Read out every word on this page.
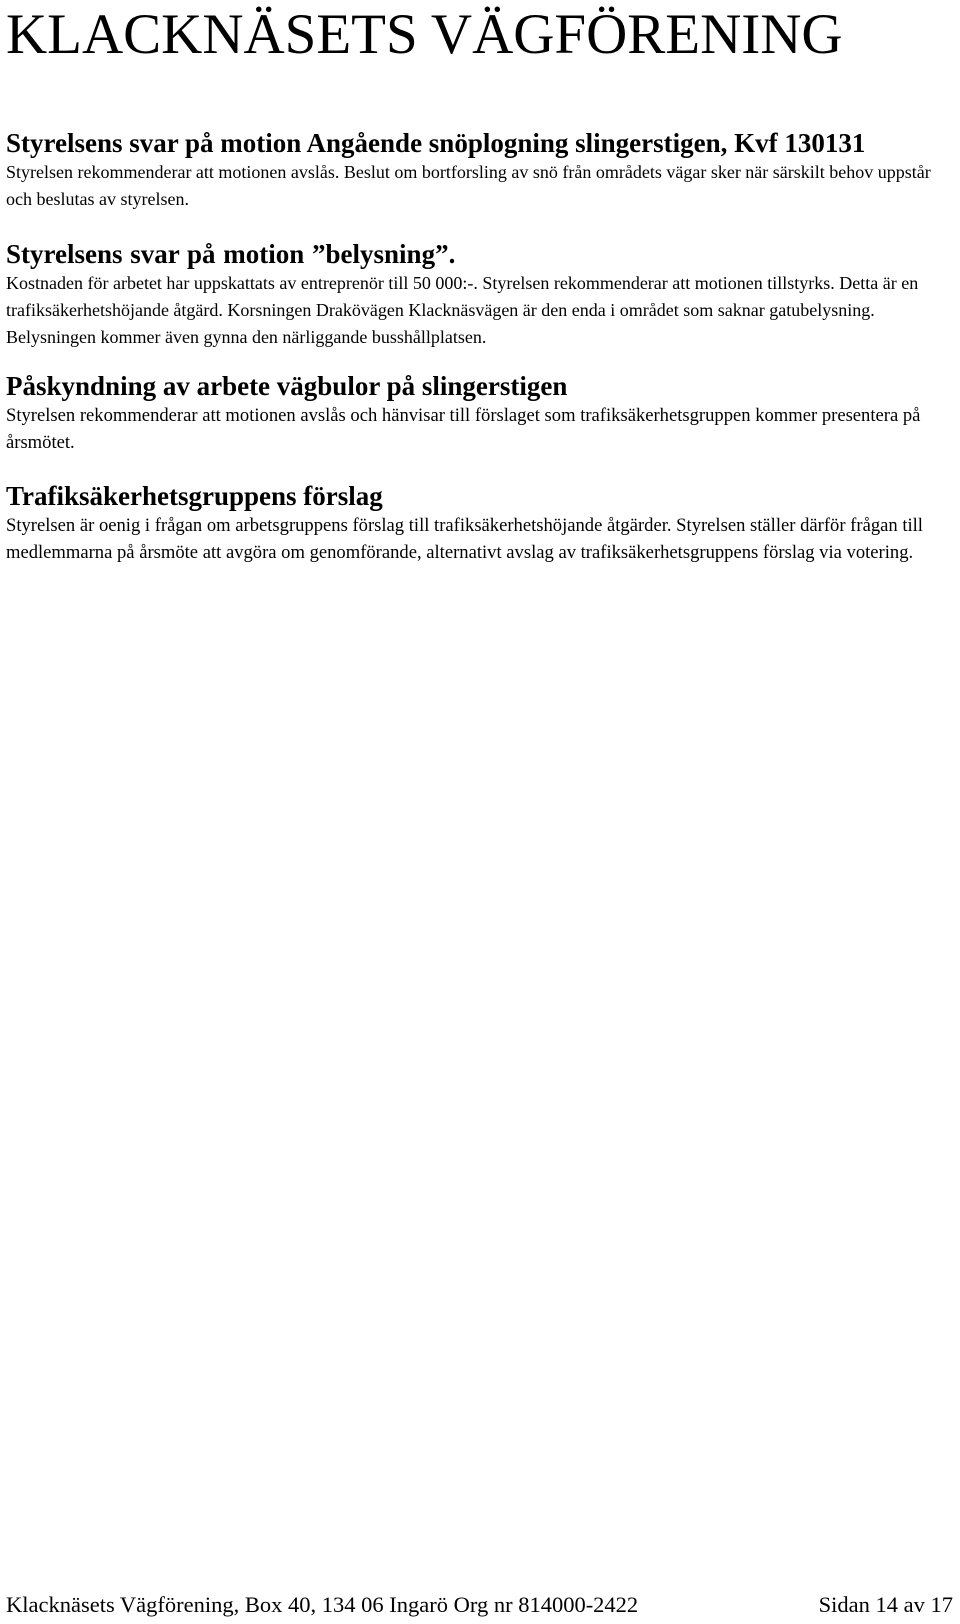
KLACKNÄSETS VÄGFÖRENING
Styrelsens svar på motion Angående snöplogning slingerstigen, Kvf 130131

Styrelsen rekommenderar att motionen avslås. Beslut om bortforsling av snö från områdets vägar sker när särskilt behov uppstår och beslutas av styrelsen.

Styrelsens svar på motion ”belysning”.

Kostnaden för arbetet har uppskattats av entreprenör till 50 000:-. Styrelsen rekommenderar att motionen tillstyrks. Detta är en trafiksäkerhetshöjande åtgärd. Korsningen Drakövägen Klacknäsvägen är den enda i området som saknar gatubelysning. Belysningen kommer även gynna den närliggande busshållplatsen.

Påskyndning av arbete vägbulor på slingerstigen

Styrelsen rekommenderar att motionen avslås och hänvisar till förslaget som trafiksäkerhetsgruppen kommer presentera på årsmötet.

Trafiksäkerhetsgruppens förslag

Styrelsen är oenig i frågan om arbetsgruppens förslag till trafiksäkerhetshöjande åtgärder. Styrelsen ställer därför frågan till medlemmarna på årsmöte att avgöra om genomförande, alternativt avslag av trafiksäkerhetsgruppens förslag via votering.

Klacknäsets Vägförening, Box 40, 134 06 Ingarö Org nr 814000-2422	Sidan 14 av 17
